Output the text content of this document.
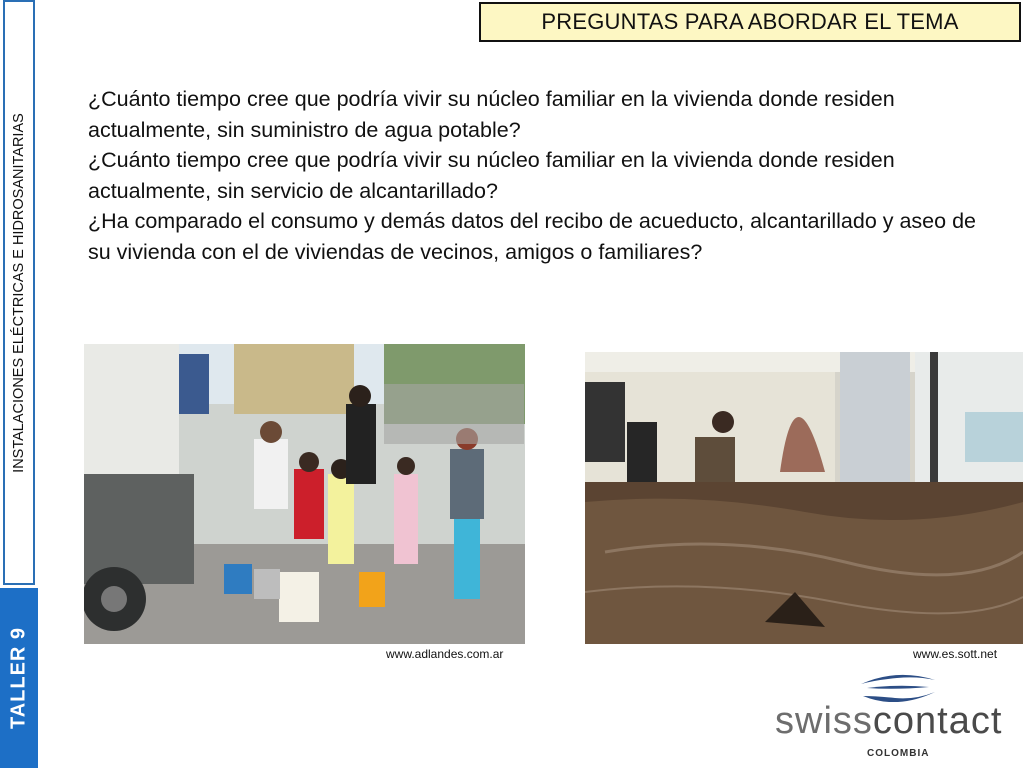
INSTALACIONES ELÉCTRICAS E HIDROSANITARIAS
TALLER 9
PREGUNTAS PARA ABORDAR EL TEMA

¿Cuánto tiempo cree que podría vivir su núcleo familiar en la vivienda donde residen actualmente, sin suministro de agua potable?

¿Cuánto tiempo cree que podría vivir su núcleo familiar en la vivienda donde residen actualmente, sin servicio de alcantarillado?

¿Ha comparado el consumo y demás datos del recibo de acueducto, alcantarillado y aseo de su vivienda con el de viviendas de vecinos, amigos o familiares?

www.adlandes.com.ar	www.es.sott.net
swisscontact
COLOMBIA
